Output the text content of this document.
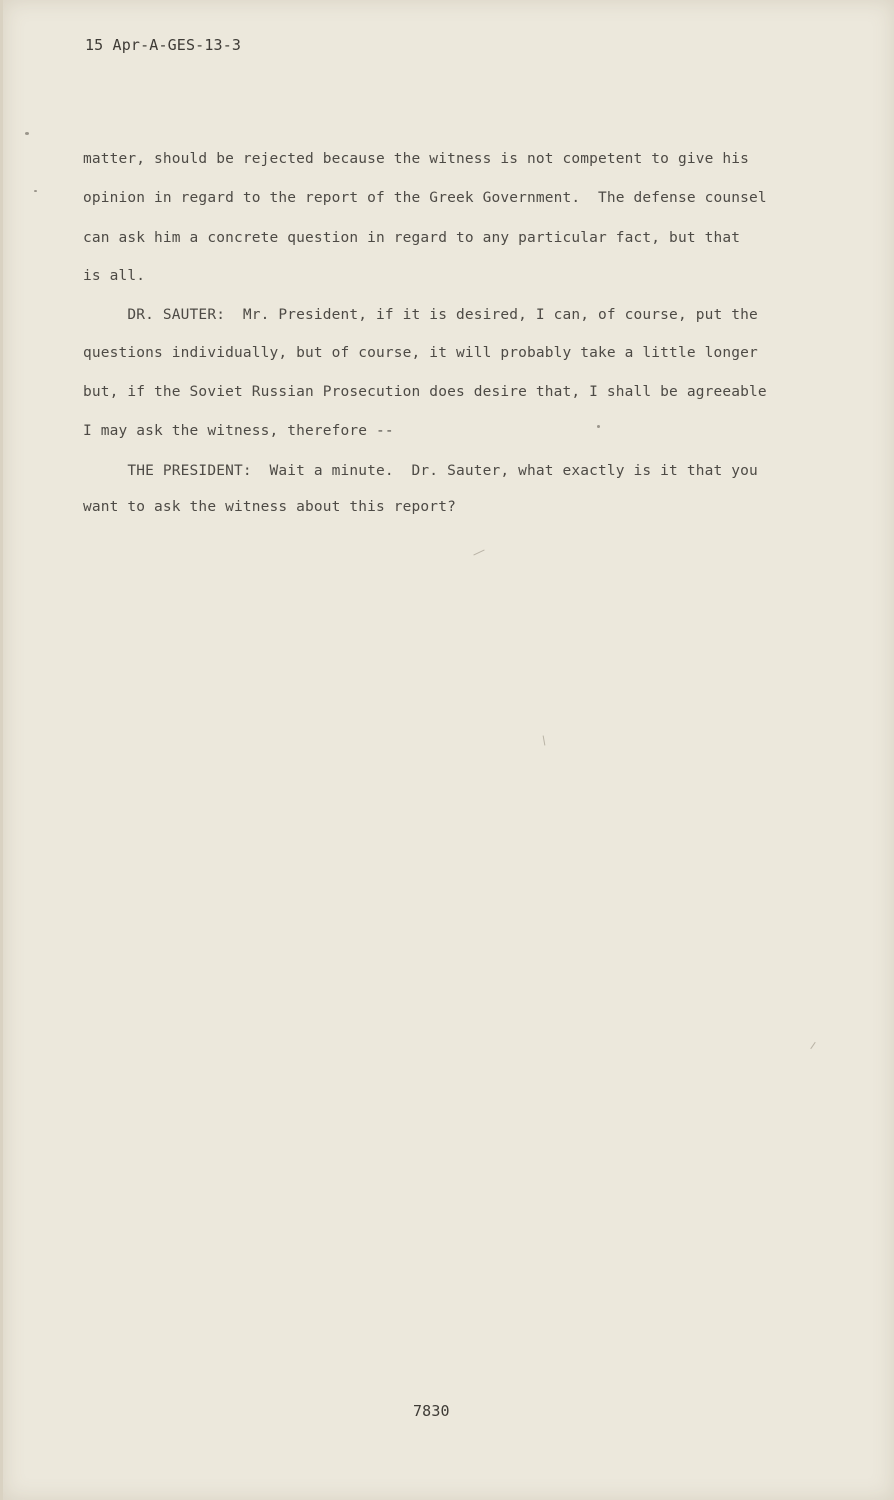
15 Apr-A-GES-13-3
matter, should be rejected because the witness is not competent to give his
opinion in regard to the report of the Greek Government.  The defense counsel
can ask him a concrete question in regard to any particular fact, but that
is all.
DR. SAUTER:  Mr. President, if it is desired, I can, of course, put the
questions individually, but of course, it will probably take a little longer
but, if the Soviet Russian Prosecution does desire that, I shall be agreeable
I may ask the witness, therefore --
THE PRESIDENT:  Wait a minute.  Dr. Sauter, what exactly is it that you
want to ask the witness about this report?
7830
